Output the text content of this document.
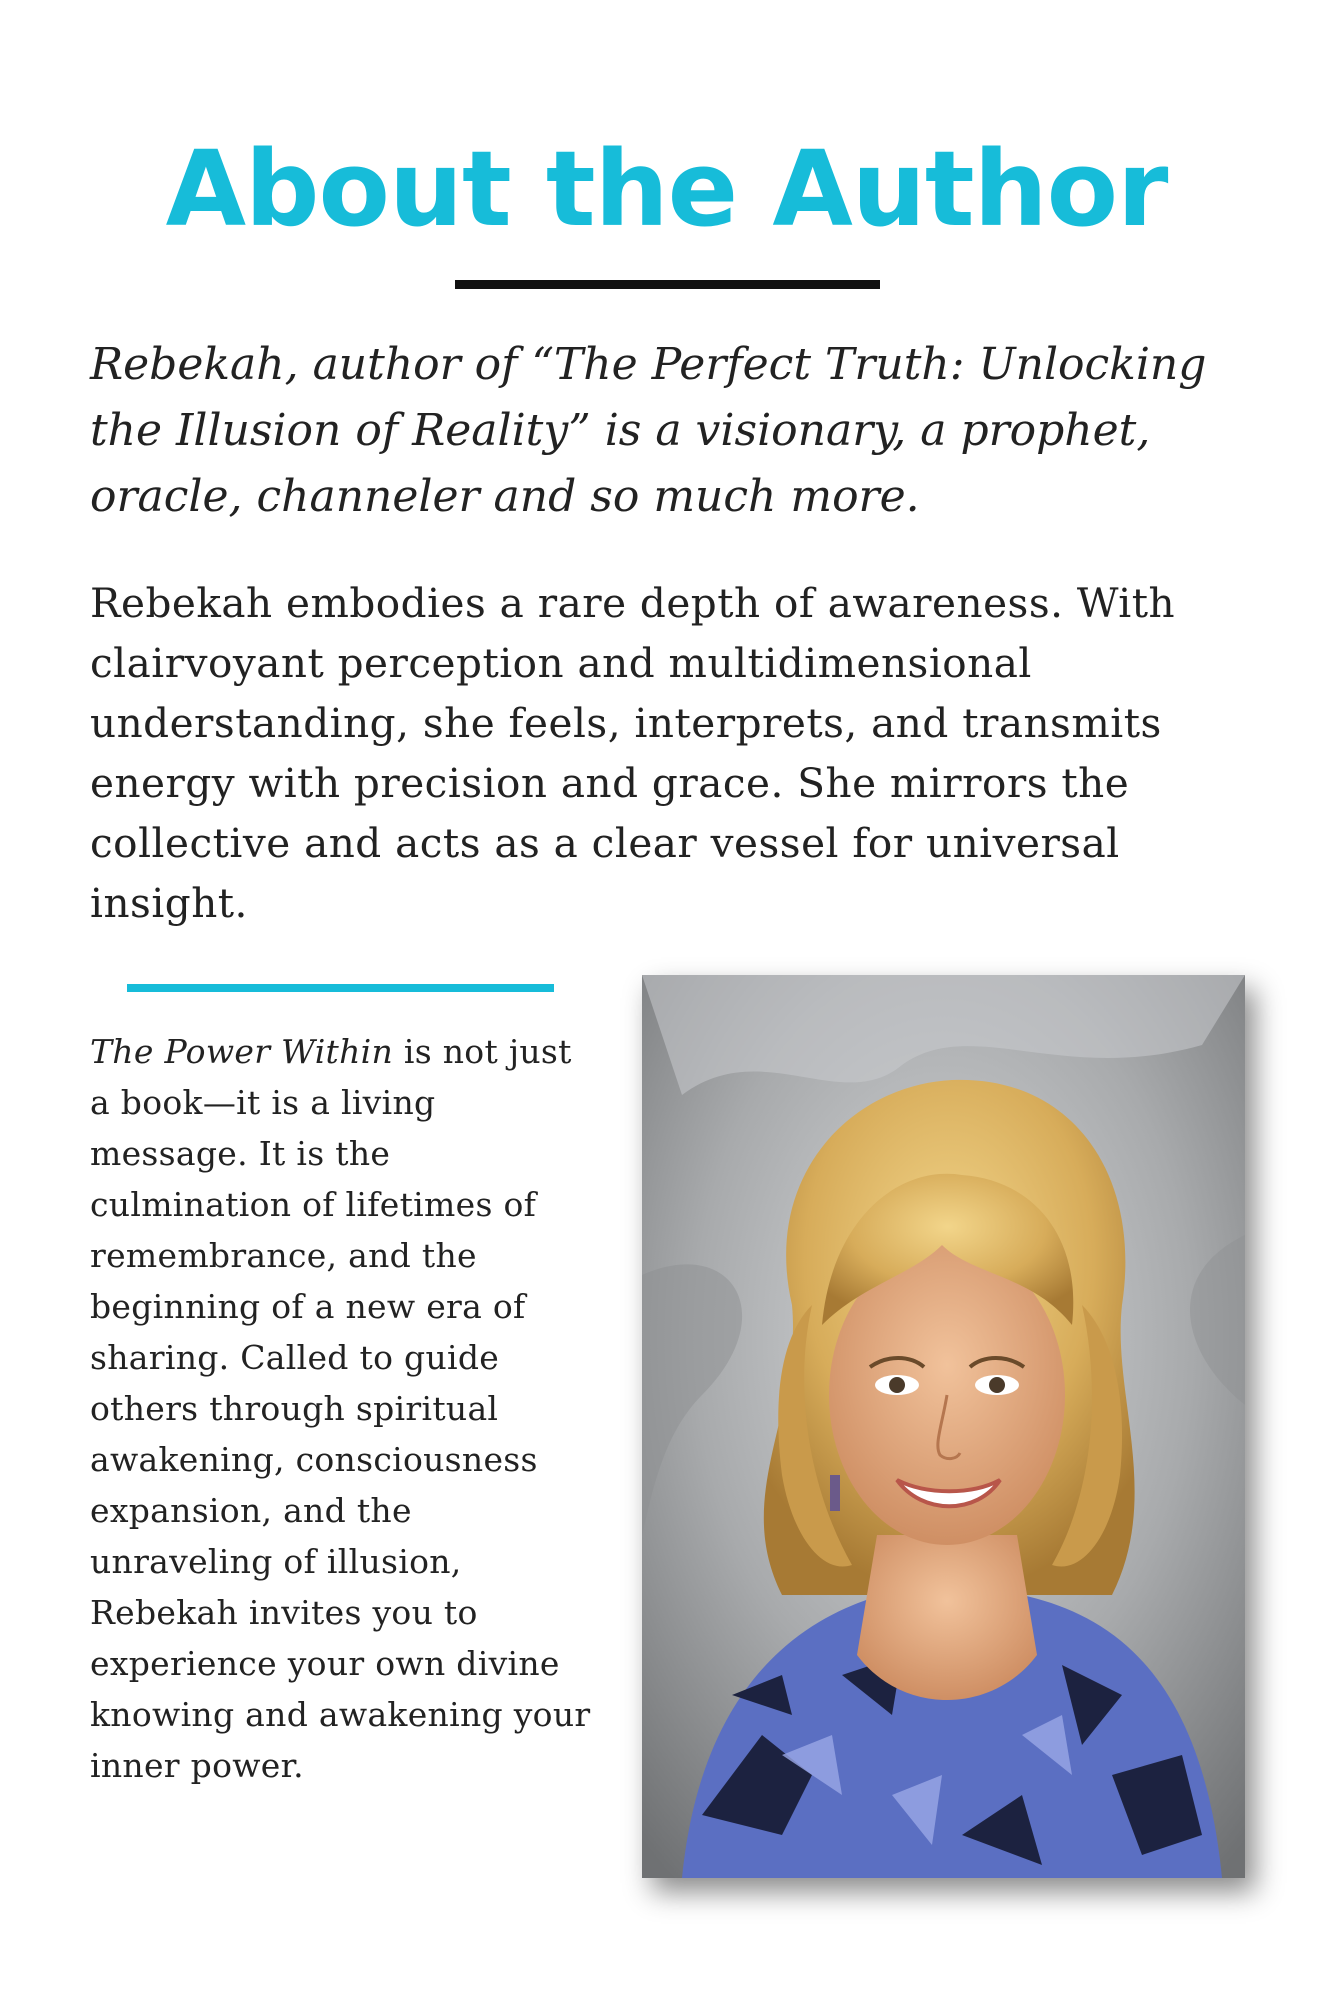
About the Author

Rebekah, author of “The Perfect Truth: Unlocking the Illusion of Reality” is a visionary, a prophet, oracle, channeler and so much more.

Rebekah embodies a rare depth of awareness. With clairvoyant perception and multidimensional understanding, she feels, interprets, and transmits energy with precision and grace. She mirrors the collective and acts as a clear vessel for universal insight.

The Power Within is not just a book—it is a living message. It is the culmination of lifetimes of remembrance, and the beginning of a new era of sharing. Called to guide others through spiritual awakening, consciousness expansion, and the unraveling of illusion, Rebekah invites you to experience your own divine knowing and awakening your inner power.
